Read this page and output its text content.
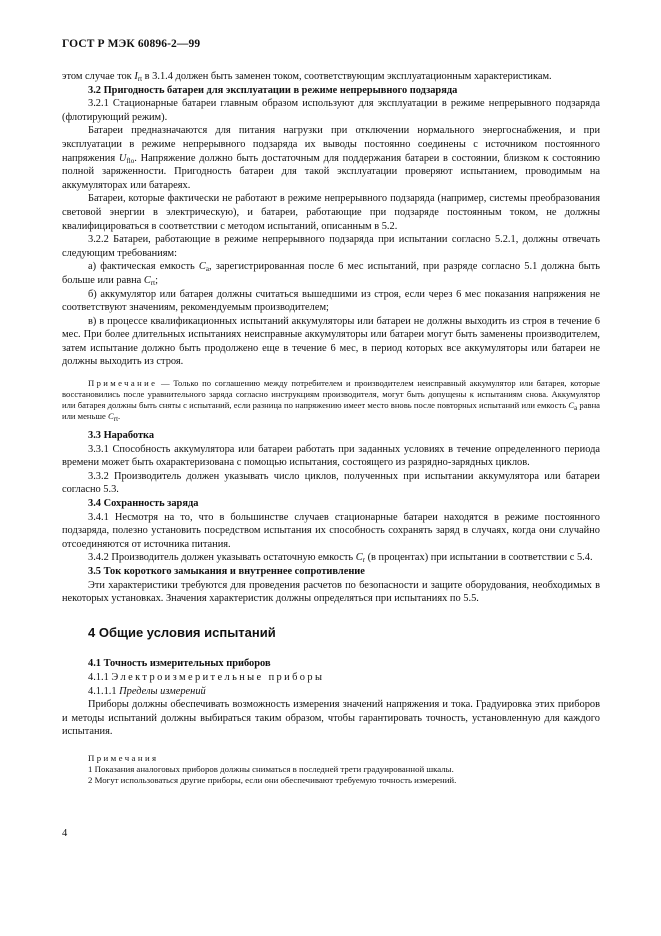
ГОСТ Р МЭК 60896-2—99

этом случае ток $I_{rt}$ в 3.1.4 должен быть заменен током, соответствующим эксплуатационным характеристикам.

3.2 Пригодность батареи для эксплуатации в режиме непрерывного подзаряда

3.2.1 Стационарные батареи главным образом используют для эксплуатации в режиме непрерывного подзаряда (флотирующий режим).

Батареи предназначаются для питания нагрузки при отключении нормального энергоснабжения, и при эксплуатации в режиме непрерывного подзаряда их выводы постоянно соединены с источником постоянного напряжения $U_{flo}$. Напряжение должно быть достаточным для поддержания батареи в состоянии, близком к состоянию полной заряженности. Пригодность батареи для такой эксплуатации проверяют испытанием, проводимым на аккумуляторах или батареях.

Батареи, которые фактически не работают в режиме непрерывного подзаряда (например, системы преобразования световой энергии в электрическую), и батареи, работающие при подзаряде постоянным током, не должны квалифицироваться в соответствии с методом испытаний, описанным в 5.2.

3.2.2 Батареи, работающие в режиме непрерывного подзаряда при испытании согласно 5.2.1, должны отвечать следующим требованиям:

а) фактическая емкость $C_a$, зарегистрированная после 6 мес испытаний, при разряде согласно 5.1 должна быть больше или равна $C_{rt}$;

б) аккумулятор или батарея должны считаться вышедшими из строя, если через 6 мес показания напряжения не соответствуют значениям, рекомендуемым производителем;

в) в процессе квалификационных испытаний аккумуляторы или батареи не должны выходить из строя в течение 6 мес. При более длительных испытаниях неисправные аккумуляторы или батареи могут быть заменены производителем, затем испытание должно быть продолжено еще в течение 6 мес, в период которых все аккумуляторы или батареи не должны выходить из строя.

Примечание — Только по соглашению между потребителем и производителем неисправный аккумулятор или батарея, которые восстановились после уравнительного заряда согласно инструкциям производителя, могут быть допущены к испытаниям снова. Аккумулятор или батарея должны быть сняты с испытаний, если разница по напряжению имеет место вновь после повторных испытаний или емкость $C_a$ равна или меньше $C_{rt}$.

3.3 Наработка

3.3.1 Способность аккумулятора или батареи работать при заданных условиях в течение определенного периода времени может быть охарактеризована с помощью испытания, состоящего из разрядно-зарядных циклов.

3.3.2 Производитель должен указывать число циклов, полученных при испытании аккумулятора или батареи согласно 5.3.

3.4 Сохранность заряда

3.4.1 Несмотря на то, что в большинстве случаев стационарные батареи находятся в режиме постоянного подзаряда, полезно установить посредством испытания их способность сохранять заряд в случаях, когда они случайно отсоединяются от источника питания.

3.4.2 Производитель должен указывать остаточную емкость $C_r$ (в процентах) при испытании в соответствии с 5.4.

3.5 Ток короткого замыкания и внутреннее сопротивление

Эти характеристики требуются для проведения расчетов по безопасности и защите оборудования, необходимых в некоторых установках. Значения характеристик должны определяться при испытаниях по 5.5.

4 Общие условия испытаний

4.1 Точность измерительных приборов

4.1.1 Электроизмерительные приборы

4.1.1.1 Пределы измерений

Приборы должны обеспечивать возможность измерения значений напряжения и тока. Градуировка этих приборов и методы испытаний должны выбираться таким образом, чтобы гарантировать точность, установленную для каждого испытания.

Примечания

1 Показания аналоговых приборов должны сниматься в последней трети градуированной шкалы.

2 Могут использоваться другие приборы, если они обеспечивают требуемую точность измерений.

4
